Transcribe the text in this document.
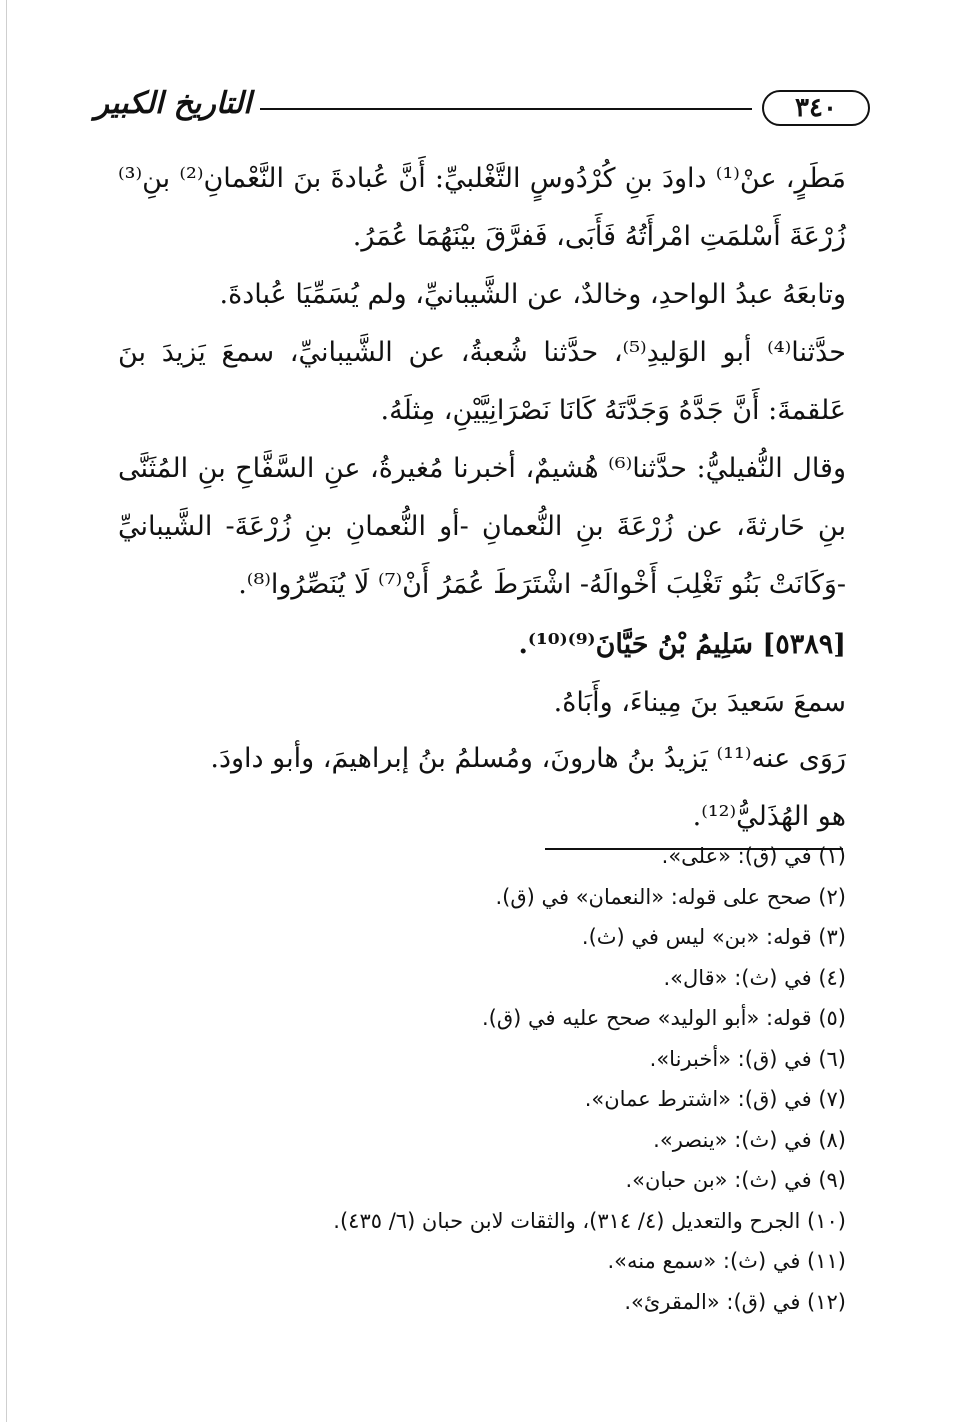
التاريخ الكبير	٣٤٠
مَطَرٍ، عنْ⁽¹⁾ داودَ بنِ كُرْدُوسٍ التَّغْلبيِّ: أَنَّ عُبادةَ بنَ النَّعْمانِ⁽²⁾ بنِ⁽³⁾ زُرْعَةَ أَسْلمَتِ امْرأَتُهُ فَأَبَى، فَفرَّقَ بيْنَهُمَا عُمَرُ.
وتابعَهُ عبدُ الواحدِ، وخالدٌ، عن الشَّيبانيِّ، ولم يُسَمِّيَا عُبادةَ.
حدَّثنا⁽⁴⁾ أبو الوَليدِ⁽⁵⁾، حدَّثنا شُعبةُ، عن الشَّيبانيِّ، سمعَ يَزيدَ بنَ عَلقمةَ: أَنَّ جَدَّهُ وَجَدَّتَهُ كَانَا نَصْرَانِيَّيْنِ، مِثلَهُ.
وقال النُّفيليُّ: حدَّثنا⁽⁶⁾ هُشيمٌ، أخبرنا مُغيرةُ، عنِ السَّفَّاحِ بنِ المُثَنَّى بنِ حَارثةَ، عن زُرْعَةَ بنِ النُّعمانِ -أو النُّعمانِ بنِ زُرْعَةَ- الشَّيبانيِّ -وَكَانَتْ بَنُو تَغْلِبَ أَخْوالَهُ- اشْتَرَطَ عُمَرُ أَنْ⁽⁷⁾ لَا يُنَصِّرُوا⁽⁸⁾.
[٥٣٨٩] سَلِيمُ بْنُ حَيَّانَ⁽⁹⁾⁽¹⁰⁾.
سمعَ سَعيدَ بنَ مِيناءَ، وأَبَاهُ.
رَوَى عنه⁽¹¹⁾ يَزيدُ بنُ هارونَ، ومُسلمُ بنُ إبراهيمَ، وأبو داودَ.
هو الهُذَليُّ⁽¹²⁾.
(١) في (ق): «على».
(٢) صحح على قوله: «النعمان» في (ق).
(٣) قوله: «بن» ليس في (ث).
(٤) في (ث): «قال».
(٥) قوله: «أبو الوليد» صحح عليه في (ق).
(٦) في (ق): «أخبرنا».
(٧) في (ق): «اشترط عمان».
(٨) في (ث): «ينصر».
(٩) في (ث): «بن حبان».
(١٠) الجرح والتعديل (٤/ ٣١٤)، والثقات لابن حبان (٦/ ٤٣٥).
(١١) في (ث): «سمع منه».
(١٢) في (ق): «المقرئ».
